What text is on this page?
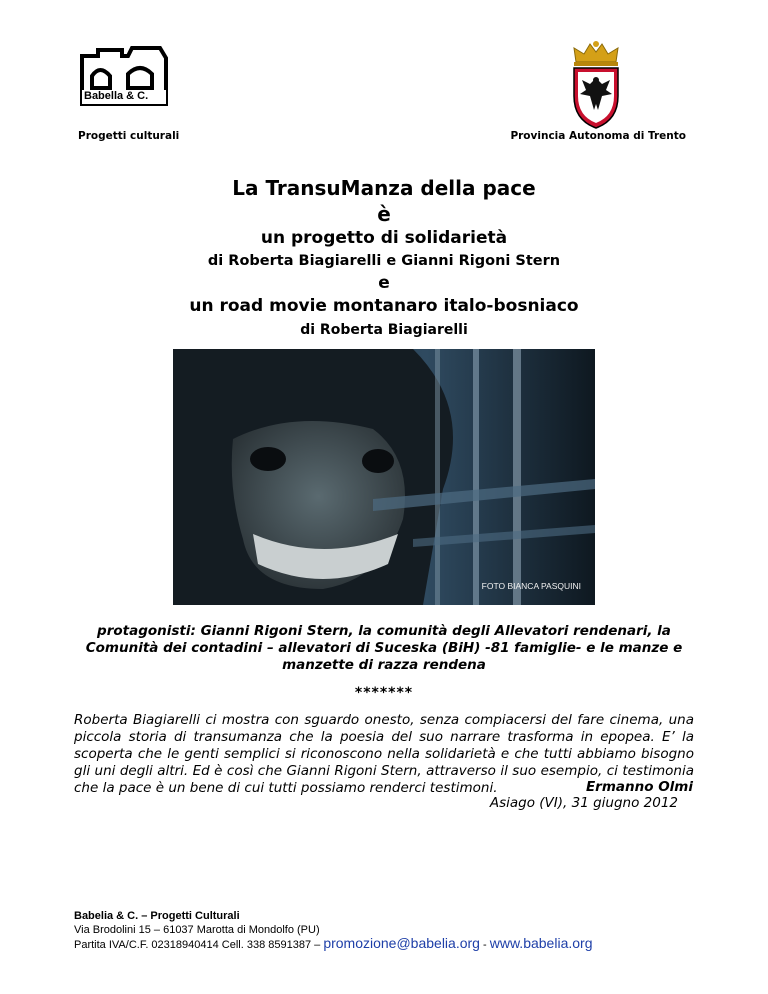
Babella & C.
Progetti culturali	Provincia Autonoma di Trento
La TransuManza della pace
è
un progetto di solidarietà
di Roberta Biagiarelli e Gianni Rigoni Stern
e
un road movie montanaro italo-bosniaco
di Roberta Biagiarelli
FOTO BIANCA PASQUINI
protagonisti: Gianni Rigoni Stern, la comunità degli Allevatori rendenari, la Comunità dei contadini – allevatori di Suceska (BiH) -81 famiglie- e le manze e manzette di razza rendena
*******
Roberta Biagiarelli ci mostra con sguardo onesto, senza compiacersi del fare cinema, una piccola storia di transumanza che la poesia del suo narrare trasforma in epopea. E’ la scoperta che le genti semplici si riconoscono nella solidarietà e che tutti abbiamo bisogno gli uni degli altri. Ed è così che Gianni Rigoni Stern, attraverso il suo esempio, ci testimonia che la pace è un bene di cui tutti possiamo renderci testimoni.	Ermanno Olmi
Asiago (VI), 31 giugno 2012
Babelia & C. – Progetti Culturali
Via Brodolini 15 – 61037 Marotta di Mondolfo (PU)
Partita IVA/C.F. 02318940414 Cell. 338 8591387 – promozione@babelia.org - www.babelia.org
